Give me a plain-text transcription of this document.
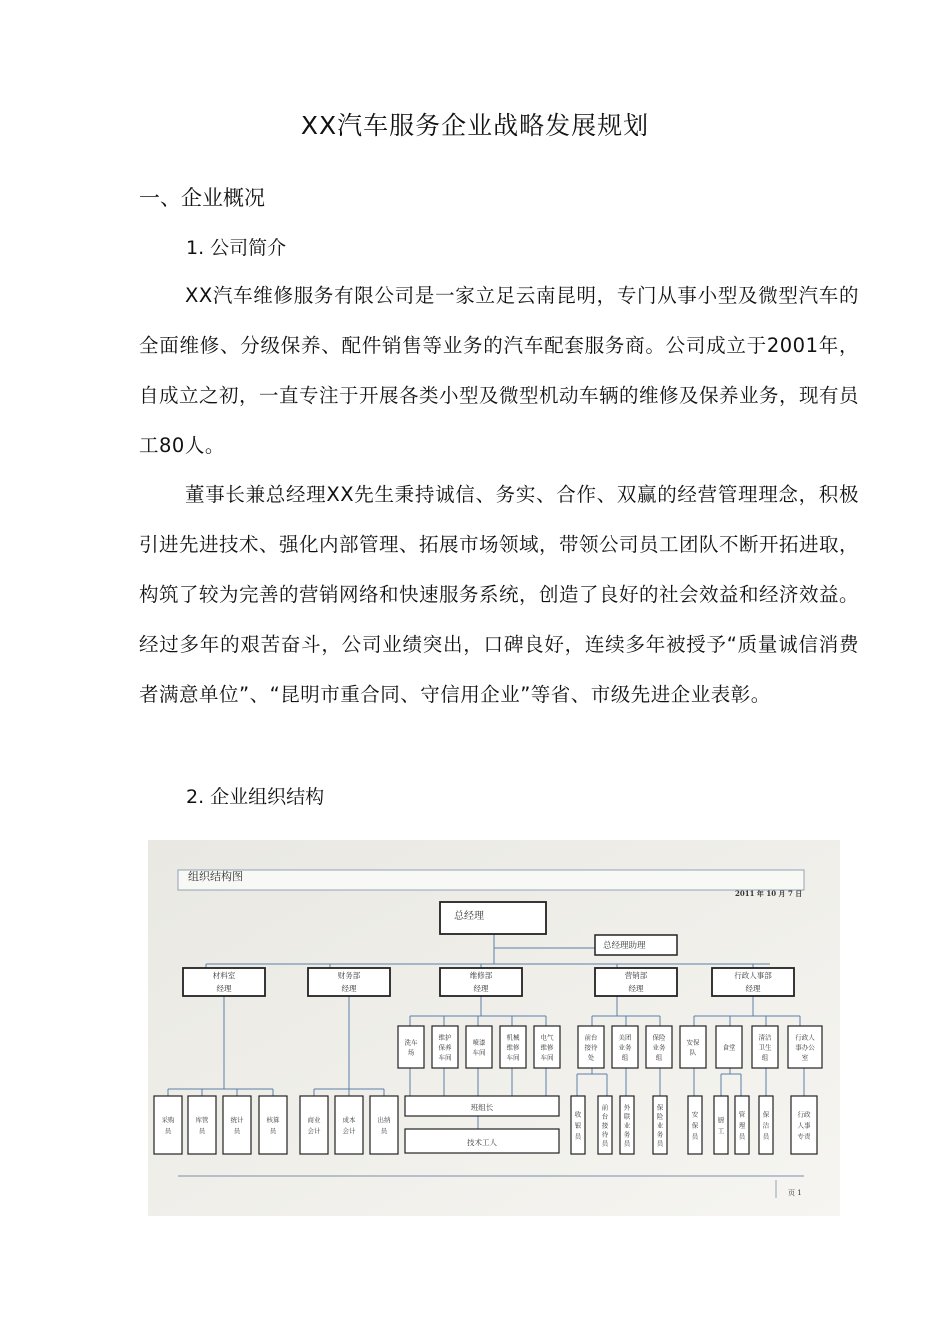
XX汽车服务企业战略发展规划
一、企业概况
1. 公司简介
XX汽车维修服务有限公司是一家立足云南昆明，专门从事小型及微型汽车的全面维修、分级保养、配件销售等业务的汽车配套服务商。公司成立于2001年，自成立之初，一直专注于开展各类小型及微型机动车辆的维修及保养业务，现有员工80人。
董事长兼总经理XX先生秉持诚信、务实、合作、双赢的经营管理理念，积极引进先进技术、强化内部管理、拓展市场领域，带领公司员工团队不断开拓进取，构筑了较为完善的营销网络和快速服务系统，创造了良好的社会效益和经济效益。经过多年的艰苦奋斗，公司业绩突出，口碑良好，连续多年被授予“质量诚信消费者满意单位”、“昆明市重合同、守信用企业”等省、市级先进企业表彰。
2. 企业组织结构
组织结构图
2011 年 10 月 7 日
总经理
总经理助理
材料室
经理
财务部
经理
维修部
经理
营销部
经理
行政人事部
经理
洗车
场
维护
保养
车间
喷漆
车间
机械
维修
车间
电气
维修
车间
前台
接待
处
美团
业务
组
保险
业务
组
安保
队
食堂
清洁
卫生
组
行政人
事办公
室
采购
员
库管
员
统计
员
核算
员
商业
会计
成本
会计
出纳
员
收
银
员
前
台
接
待
员
外
联
业
务
员
保
险
业
务
员
安
保
员
厨
工
管
理
员
保
洁
员
行政
人事
专责
班组长
技术工人
页 1
